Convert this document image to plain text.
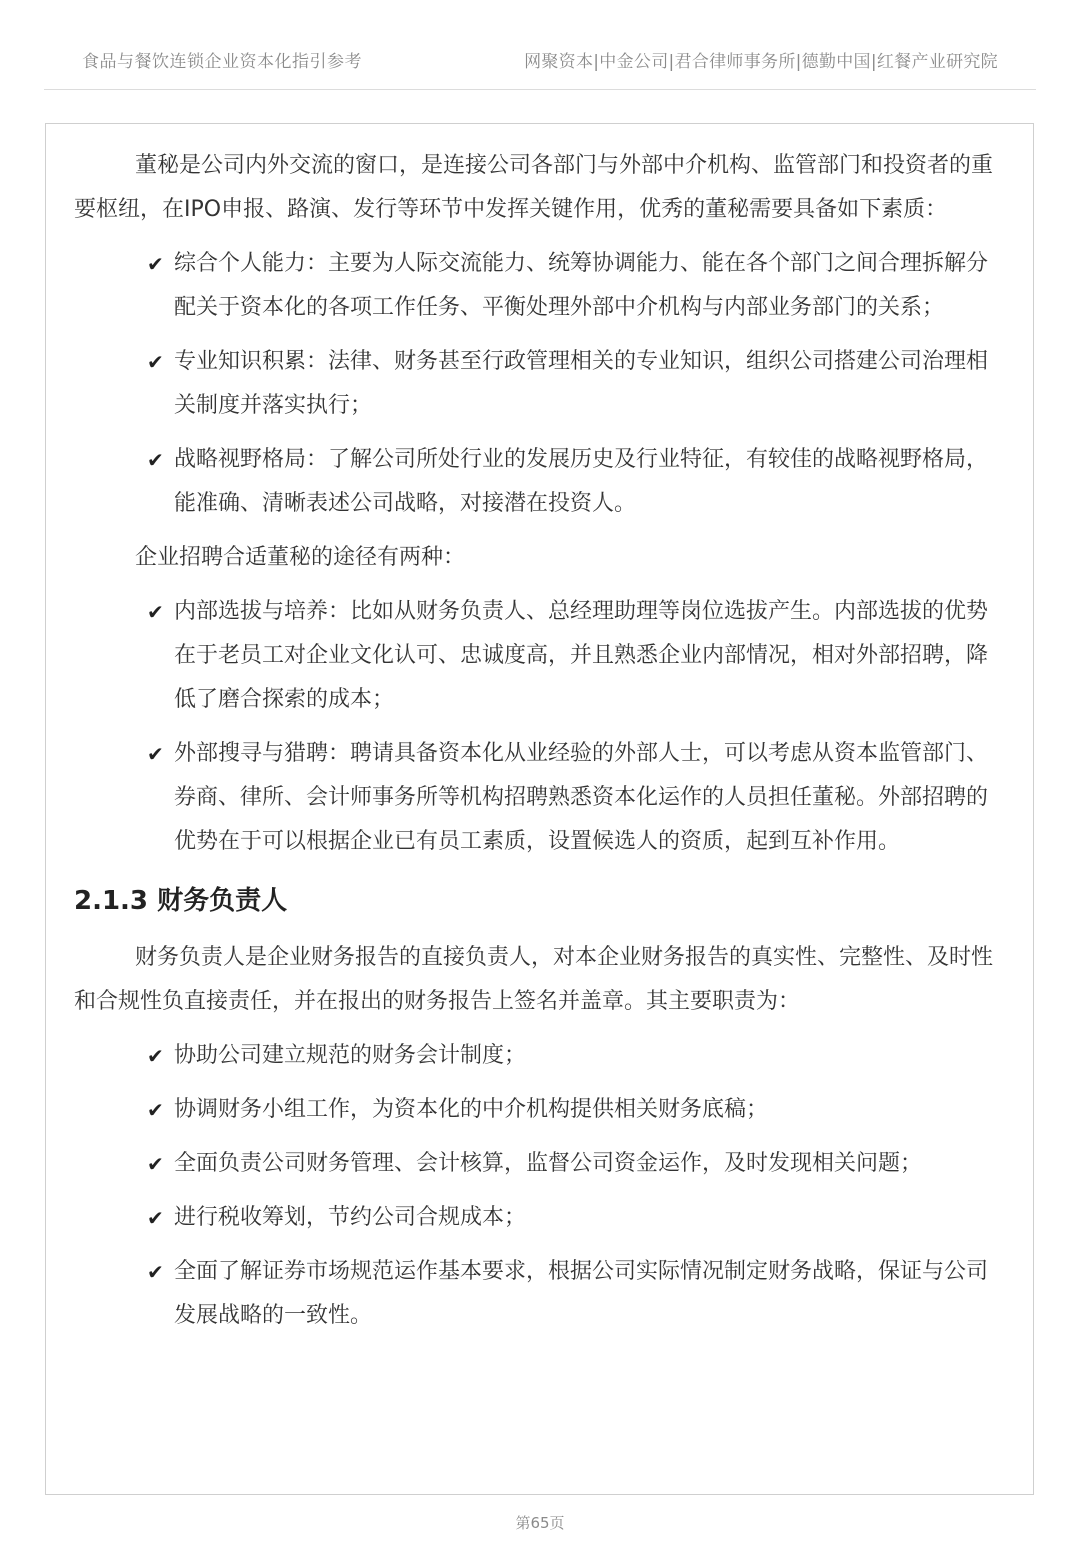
食品与餐饮连锁企业资本化指引参考	网聚资本|中金公司|君合律师事务所|德勤中国|红餐产业研究院

董秘是公司内外交流的窗口，是连接公司各部门与外部中介机构、监管部门和投资者的重要枢纽，在IPO申报、路演、发行等环节中发挥关键作用，优秀的董秘需要具备如下素质：

✔ 综合个人能力：主要为人际交流能力、统筹协调能力、能在各个部门之间合理拆解分配关于资本化的各项工作任务、平衡处理外部中介机构与内部业务部门的关系；
✔ 专业知识积累：法律、财务甚至行政管理相关的专业知识，组织公司搭建公司治理相关制度并落实执行；
✔ 战略视野格局：了解公司所处行业的发展历史及行业特征，有较佳的战略视野格局，能准确、清晰表述公司战略，对接潜在投资人。

企业招聘合适董秘的途径有两种：

✔ 内部选拔与培养：比如从财务负责人、总经理助理等岗位选拔产生。内部选拔的优势在于老员工对企业文化认可、忠诚度高，并且熟悉企业内部情况，相对外部招聘，降低了磨合探索的成本；
✔ 外部搜寻与猎聘：聘请具备资本化从业经验的外部人士，可以考虑从资本监管部门、券商、律所、会计师事务所等机构招聘熟悉资本化运作的人员担任董秘。外部招聘的优势在于可以根据企业已有员工素质，设置候选人的资质，起到互补作用。
2.1.3 财务负责人

财务负责人是企业财务报告的直接负责人，对本企业财务报告的真实性、完整性、及时性和合规性负直接责任，并在报出的财务报告上签名并盖章。其主要职责为：

✔ 协助公司建立规范的财务会计制度；
✔ 协调财务小组工作，为资本化的中介机构提供相关财务底稿；
✔ 全面负责公司财务管理、会计核算，监督公司资金运作，及时发现相关问题；
✔ 进行税收筹划，节约公司合规成本；
✔ 全面了解证券市场规范运作基本要求，根据公司实际情况制定财务战略，保证与公司发展战略的一致性。
第65页
